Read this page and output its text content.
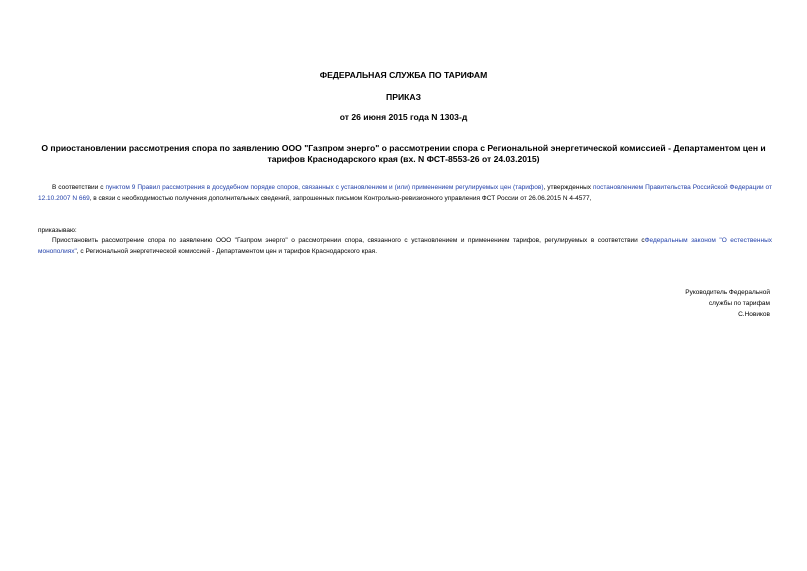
ФЕДЕРАЛЬНАЯ СЛУЖБА ПО ТАРИФАМ
ПРИКАЗ
от 26 июня 2015 года N 1303-д
О приостановлении рассмотрения спора по заявлению ООО "Газпром энерго" о рассмотрении спора с Региональной энергетической комиссией - Департаментом цен и тарифов Краснодарского края (вх. N ФСТ-8553-26 от 24.03.2015)
В соответствии с пунктом 9 Правил рассмотрения в досудебном порядке споров, связанных с установлением и (или) применением регулируемых цен (тарифов), утвержденных постановлением Правительства Российской Федерации от 12.10.2007 N 669, в связи с необходимостью получения дополнительных сведений, запрошенных письмом Контрольно-ревизионного управления ФСТ России от 26.06.2015 N 4-4577,
приказываю:
Приостановить рассмотрение спора по заявлению ООО "Газпром энерго" о рассмотрении спора, связанного с установлением и применением тарифов, регулируемых в соответствии сФедеральным законом "О естественных монополиях", с Региональной энергетической комиссией - Департаментом цен и тарифов Краснодарского края.
Руководитель Федеральной
службы по тарифам
С.Новиков
